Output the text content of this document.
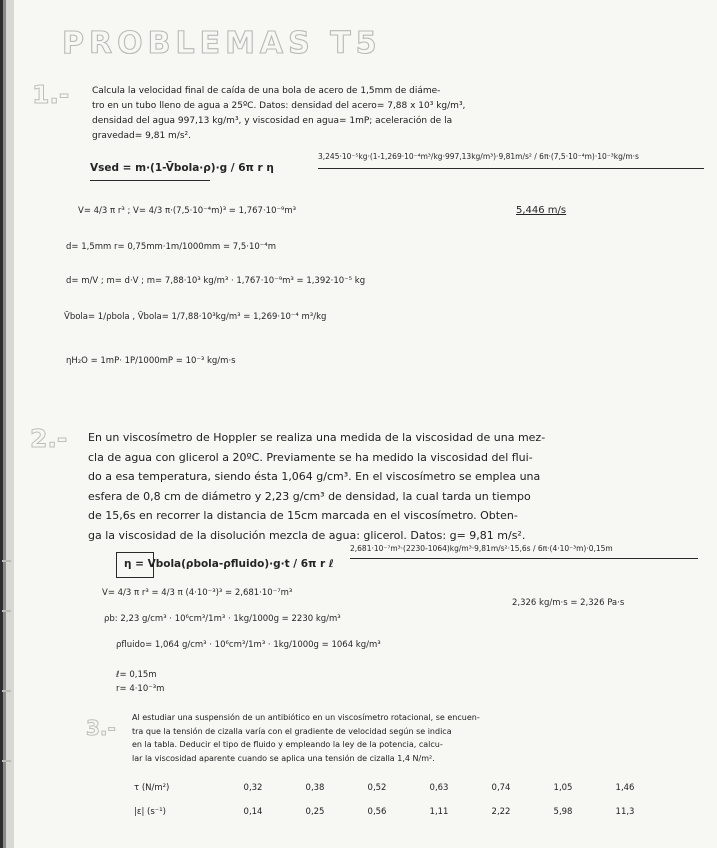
PROBLEMAS T5
1.-	Calcula la velocidad final de caída de una bola de acero de 1,5mm de diáme-
tro en un tubo lleno de agua a 25ºC. Datos: densidad del acero= 7,88 x 10³ kg/m³,
densidad del agua 997,13 kg/m³, y viscosidad en agua= 1mP; aceleración de la
gravedad= 9,81 m/s².
Vsed = m·(1-V̄bola·ρ)·g / 6π r η
3,245·10⁻⁵kg·(1-1,269·10⁻⁴m³/kg·997,13kg/m³)·9,81m/s² / 6π·(7,5·10⁻⁴m)·10⁻³kg/m·s
V= 4/3 π r³ ; V= 4/3 π·(7,5·10⁻⁴m)³ = 1,767·10⁻⁹m³	5,446 m/s
d= 1,5mm r= 0,75mm·1m/1000mm = 7,5·10⁻⁴m
d= m/V ; m= d·V ; m= 7,88·10³ kg/m³ · 1,767·10⁻⁹m³ = 1,392·10⁻⁵ kg
V̄bola= 1/ρbola , V̄bola= 1/7,88·10³kg/m³ = 1,269·10⁻⁴ m³/kg
ηH₂O = 1mP· 1P/1000mP = 10⁻³ kg/m·s
2.- En un viscosímetro de Hoppler se realiza una medida de la viscosidad de una mez-
cla de agua con glicerol a 20ºC. Previamente se ha medido la viscosidad del flui-
do a esa temperatura, siendo ésta 1,064 g/cm³. En el viscosímetro se emplea una
esfera de 0,8 cm de diámetro y 2,23 g/cm³ de densidad, la cual tarda un tiempo
de 15,6s en recorrer la distancia de 15cm marcada en el viscosímetro. Obten-
ga la viscosidad de la disolución mezcla de agua: glicerol. Datos: g= 9,81 m/s².
η = Vbola(ρbola-ρfluido)·g·t / 6π r ℓ
2,681·10⁻⁷m³·(2230-1064)kg/m³·9,81m/s²·15,6s / 6π·(4·10⁻³m)·0,15m
V= 4/3 π r³ = 4/3 π (4·10⁻³)³ = 2,681·10⁻⁷m³
2,326 kg/m·s = 2,326 Pa·s
ρb: 2,23 g/cm³ · 10⁶cm³/1m³ · 1kg/1000g = 2230 kg/m³
ρfluido= 1,064 g/cm³ · 10⁶cm³/1m³ · 1kg/1000g = 1064 kg/m³
ℓ= 0,15m
r= 4·10⁻³m
3.- Al estudiar una suspensión de un antibiótico en un viscosímetro rotacional, se encuen-
tra que la tensión de cizalla varía con el gradiente de velocidad según se indica
en la tabla. Deducir el tipo de fluido y empleando la ley de la potencia, calcu-
lar la viscosidad aparente cuando se aplica una tensión de cizalla 1,4 N/m².
τ (N/m²)	0,32	0,38	0,52	0,63	0,74	1,05	1,46
|ε| (s⁻¹)	0,14	0,25	0,56	1,11	2,22	5,98	11,3
